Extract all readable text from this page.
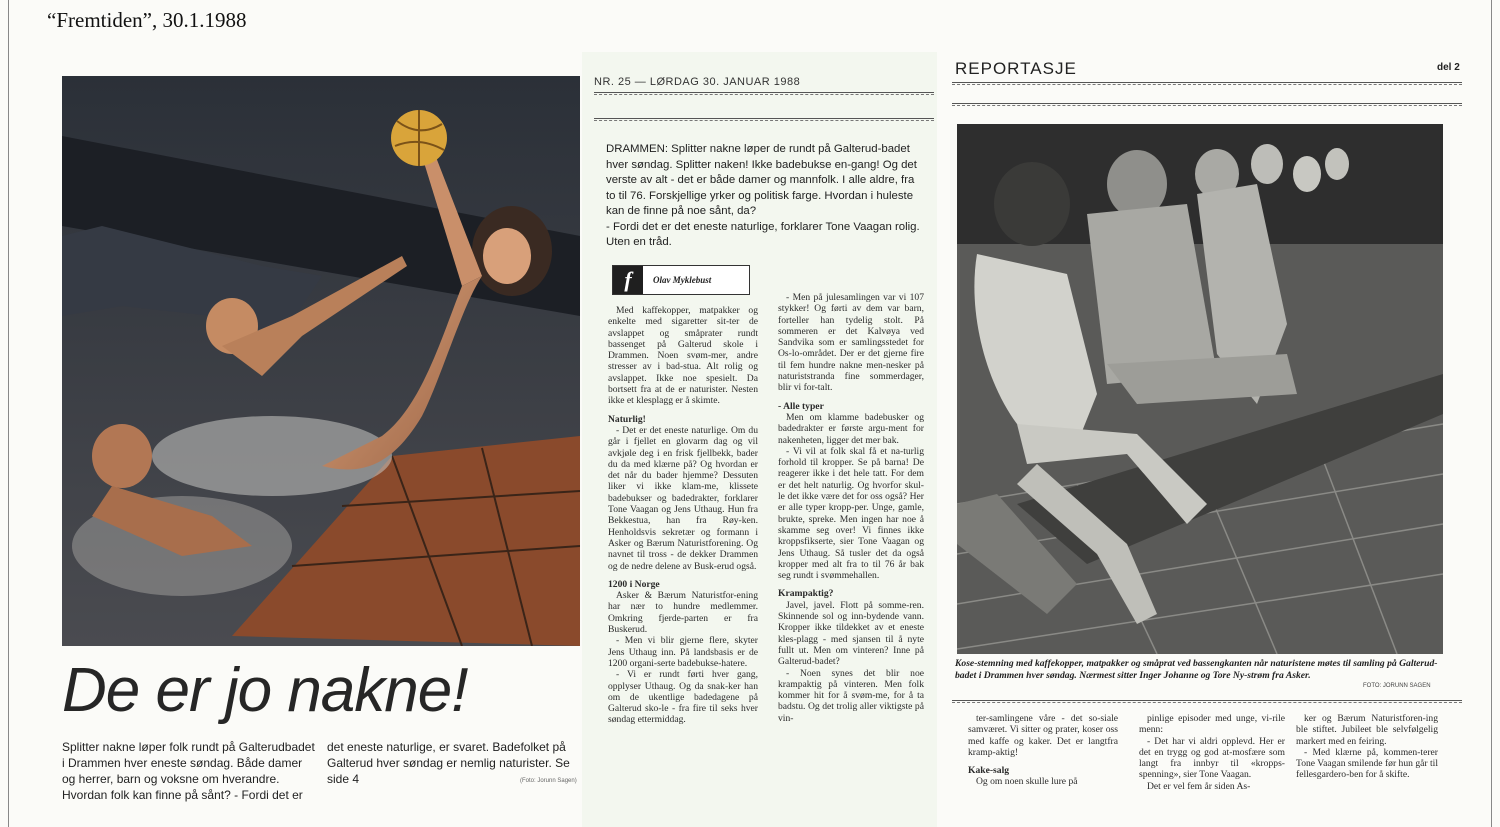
“Fremtiden”, 30.1.1988
De er jo nakne!
Splitter nakne løper folk rundt på Galterudbadet i Drammen hver eneste søndag. Både damer og herrer, barn og voksne om hverandre. Hvordan folk kan finne på sånt? - Fordi det er det eneste naturlige, er svaret. Badefolket på Galterud hver søndag er nemlig naturister. Se side 4	(Foto: Jorunn Sagen)
NR. 25 — LØRDAG 30. JANUAR 1988

DRAMMEN: Splitter nakne løper de rundt på Galterud-badet hver søndag. Splitter naken! Ikke badebukse en-gang! Og det verste av alt - det er både damer og mannfolk. I alle aldre, fra to til 76. Forskjellige yrker og politisk farge. Hvordan i huleste kan de finne på noe sånt, da?

- Fordi det er det eneste naturlige, forklarer Tone Vaagan rolig. Uten en tråd.

f	Olav Myklebust

Med kaffekopper, matpakker og enkelte med sigaretter sit-ter de avslappet og småprater rundt bassenget på Galterud skole i Drammen. Noen svøm-mer, andre stresser av i bad-stua. Alt rolig og avslappet. Ikke noe spesielt. Da bortsett fra at de er naturister. Nesten ikke et klesplagg er å skimte.

Naturlig!

- Det er det eneste naturlige. Om du går i fjellet en glovarm dag og vil avkjøle deg i en frisk fjellbekk, bader du da med klærne på? Og hvordan er det når du bader hjemme? Dessuten liker vi ikke klam-me, klissete badebukser og badedrakter, forklarer Tone Vaagan og Jens Uthaug. Hun fra Bekkestua, han fra Røy-ken. Henholdsvis sekretær og formann i Asker og Bærum Naturistforening. Og navnet til tross - de dekker Drammen og de nedre delene av Busk-erud også.

1200 i Norge

Asker & Bærum Naturistfor-ening har nær to hundre medlemmer. Omkring fjerde-parten er fra Buskerud.

- Men vi blir gjerne flere, skyter Jens Uthaug inn. På landsbasis er de 1200 organi-serte badebukse-hatere.

- Vi er rundt førti hver gang, opplyser Uthaug. Og da snak-ker han om de ukentlige badedagene på Galterud sko-le - fra fire til seks hver søndag ettermiddag.

- Men på julesamlingen var vi 107 stykker! Og førti av dem var barn, forteller han tydelig stolt. På sommeren er det Kalvøya ved Sandvika som er samlingsstedet for Os-lo-området. Der er det gjerne fire til fem hundre nakne men-nesker på naturiststranda fine sommerdager, blir vi for-talt.

- Alle typer

Men om klamme badebusker og badedrakter er første argu-ment for nakenheten, ligger det mer bak.

- Vi vil at folk skal få et na-turlig forhold til kropper. Se på barna! De reagerer ikke i det hele tatt. For dem er det helt naturlig. Og hvorfor skul-le det ikke være det for oss også? Her er alle typer kropp-per. Unge, gamle, brukte, spreke. Men ingen har noe å skamme seg over! Vi finnes ikke kroppsfikserte, sier Tone Vaagan og Jens Uthaug. Så tusler det da også kropper med alt fra to til 76 år bak seg rundt i svømmehallen.

Krampaktig?

Javel, javel. Flott på somme-ren. Skinnende sol og inn-bydende vann. Kropper ikke tildekket av et eneste kles-plagg - med sjansen til å nyte fullt ut. Men om vinteren? Inne på Galterud-badet?

- Noen synes det blir noe krampaktig på vinteren. Men folk kommer hit for å svøm-me, for å ta badstu. Og det trolig aller viktigste på vin-

REPORTASJE	del 2
Kose-stemning med kaffekopper, matpakker og småprat ved bassengkanten når naturistene møtes til samling på Galterud-badet i Drammen hver søndag. Nærmest sitter Inger Johanne og Tore Ny-strøm fra Asker.
FOTO: JORUNN SAGEN

ter-samlingene våre - det so-siale samværet. Vi sitter og prater, koser oss med kaffe og kaker. Det er langtfra kramp-aktig!

Kake-salg

Og om noen skulle lure på

pinlige episoder med unge, vi-rile menn:

- Det har vi aldri opplevd. Her er det en trygg og god at-mosfære som langt fra innbyr til «kropps-spenning», sier Tone Vaagan.

Det er vel fem år siden As-

ker og Bærum Naturistforen-ing ble stiftet. Jubileet ble selvfølgelig markert med en feiring.

- Med klærne på, kommen-terer Tone Vaagan smilende før hun går til fellesgardero-ben for å skifte.
